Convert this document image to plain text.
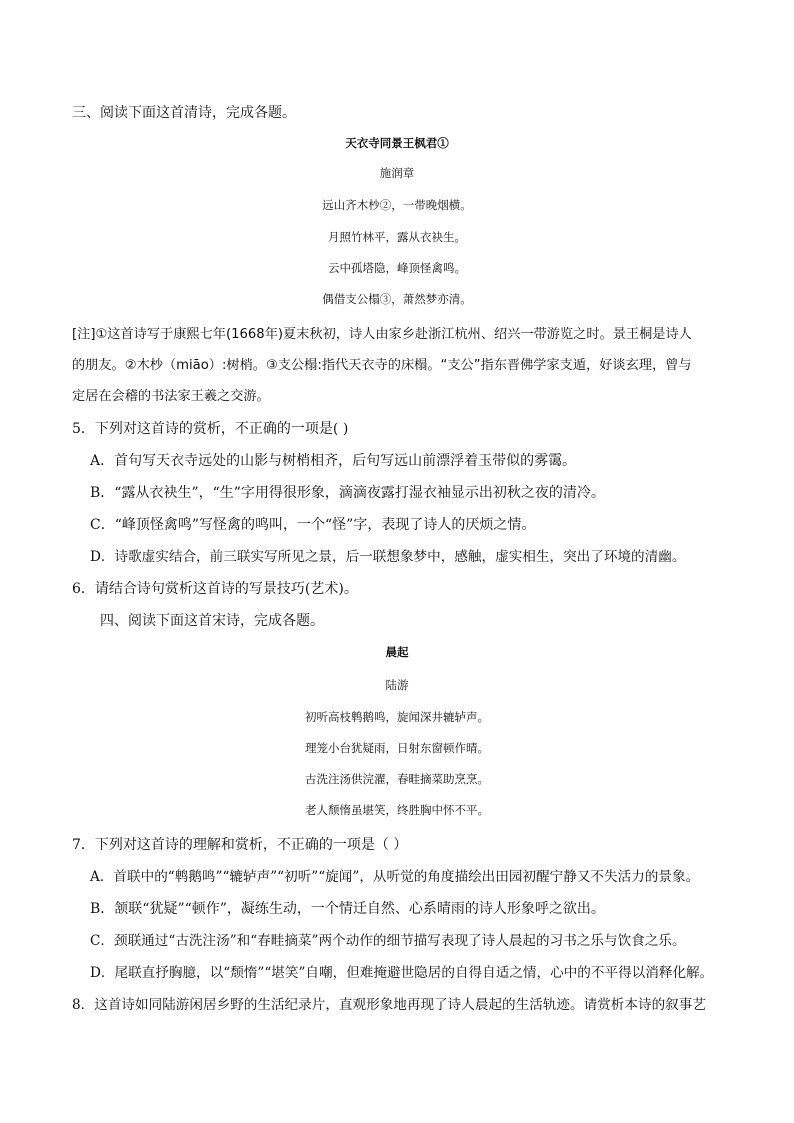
三、阅读下面这首清诗，完成各题。
天衣寺同景王枫君①
施润章
远山齐木杪②，一带晚烟横。
月照竹林平，露从衣袂生。
云中孤塔隐，峰顶怪禽鸣。
偶借支公榻③，萧然梦亦清。
[注]①这首诗写于康熙七年(1668年)夏末秋初，诗人由家乡赴浙江杭州、绍兴一带游览之时。景王桐是诗人
的朋友。②木杪（miāo）:树梢。③支公榻:指代天衣寺的床榻。“支公”指东晋佛学家支遁，好谈玄理，曾与
定居在会稽的书法家王羲之交游。
5．下列对这首诗的赏析，不正确的一项是( )
A．首句写天衣寺远处的山影与树梢相齐，后句写远山前漂浮着玉带似的雾霭。
B．“露从衣袂生”，“生”字用得很形象，滴滴夜露打湿衣袖显示出初秋之夜的清冷。
C．“峰顶怪禽鸣”写怪禽的鸣叫，一个“怪”字，表现了诗人的厌烦之情。
D．诗歌虚实结合，前三联实写所见之景，后一联想象梦中，感触，虚实相生，突出了环境的清幽。
6．请结合诗句赏析这首诗的写景技巧(艺术)。
四、阅读下面这首宋诗，完成各题。
晨起
陆游
初听高枝鹎鹅鸣，旋闻深井辘轳声。
理笼小台犹疑雨，日射东窗顿作晴。
古洗注汤供浣濯，春畦摘菜助烹烹。
老人颓惰虽堪笑，终胜胸中怀不平。
7．下列对这首诗的理解和赏析，不正确的一项是（ ）
A．首联中的“鹎鹅鸣”“辘轳声”“初听”“旋闻”，从听觉的角度描绘出田园初醒宁静又不失活力的景象。
B．颔联“犹疑”“顿作”，凝练生动，一个情迁自然、心系晴雨的诗人形象呼之欲出。
C．颈联通过“古洗注汤”和“春畦摘菜”两个动作的细节描写表现了诗人晨起的习书之乐与饮食之乐。
D．尾联直抒胸臆，以“颓惰”“堪笑”自嘲，但难掩避世隐居的自得自适之情，心中的不平得以消释化解。
8．这首诗如同陆游闲居乡野的生活纪录片，直观形象地再现了诗人晨起的生活轨迹。请赏析本诗的叙事艺
